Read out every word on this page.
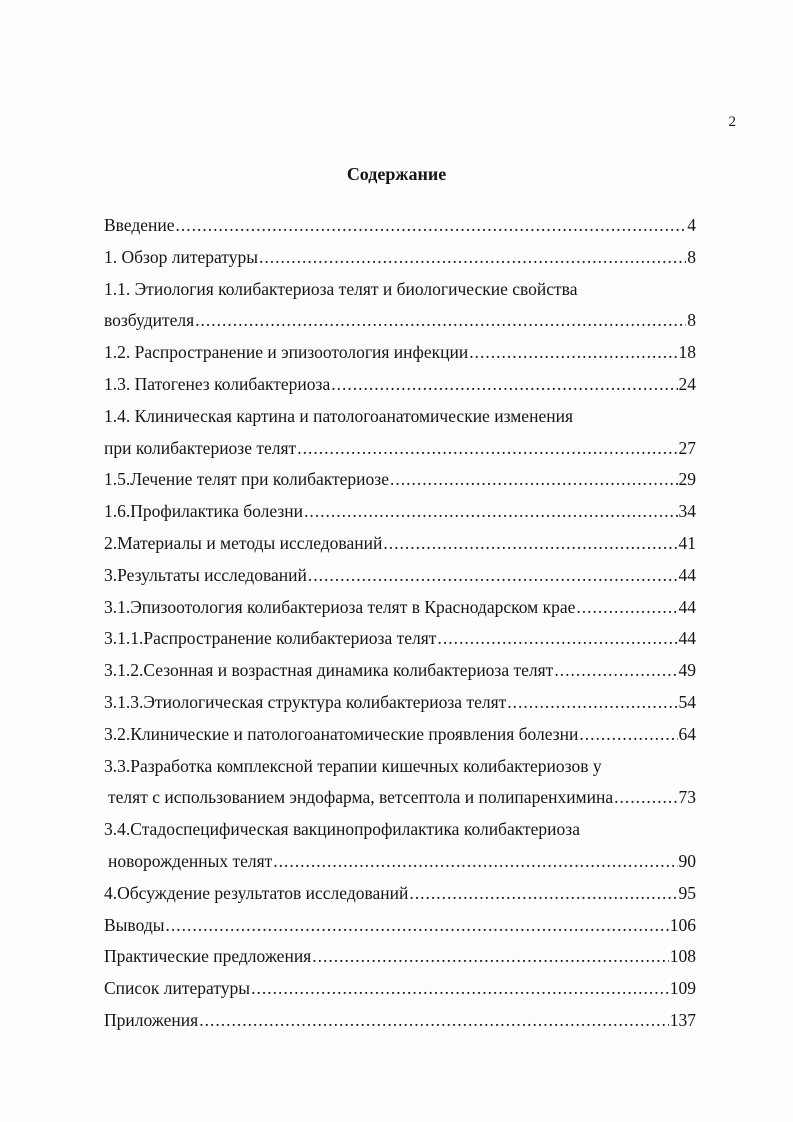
2
Содержание
Введение .....	4
1. Обзор литературы .....	8
1.1. Этиология колибактериоза телят и биологические свойства
возбудителя .....	8
1.2. Распространение и эпизоотология инфекции .....	18
1.3. Патогенез колибактериоза .....	24
1.4. Клиническая картина и патологоанатомические изменения
при колибактериозе телят .....	27
1.5.Лечение телят при колибактериозе .....	29
1.6.Профилактика болезни .....	34
2.Материалы и методы исследований .....	41
3.Результаты исследований .....	44
3.1.Эпизоотология колибактериоза телят в Краснодарском крае .....	44
3.1.1.Распространение колибактериоза телят .....	44
3.1.2.Сезонная и возрастная динамика колибактериоза телят .....	49
3.1.3.Этиологическая структура колибактериоза телят .....	54
3.2.Клинические и патологоанатомические проявления болезни .....	64
3.3.Разработка комплексной терапии кишечных колибактериозов у
телят с использованием эндофарма, ветсептола и полипаренхимина .....	73
3.4.Стадоспецифическая вакцинопрофилактика колибактериоза
новорожденных телят .....	90
4.Обсуждение результатов исследований .....	95
Выводы .....	106
Практические предложения .....	108
Список литературы .....	109
Приложения .....	137
